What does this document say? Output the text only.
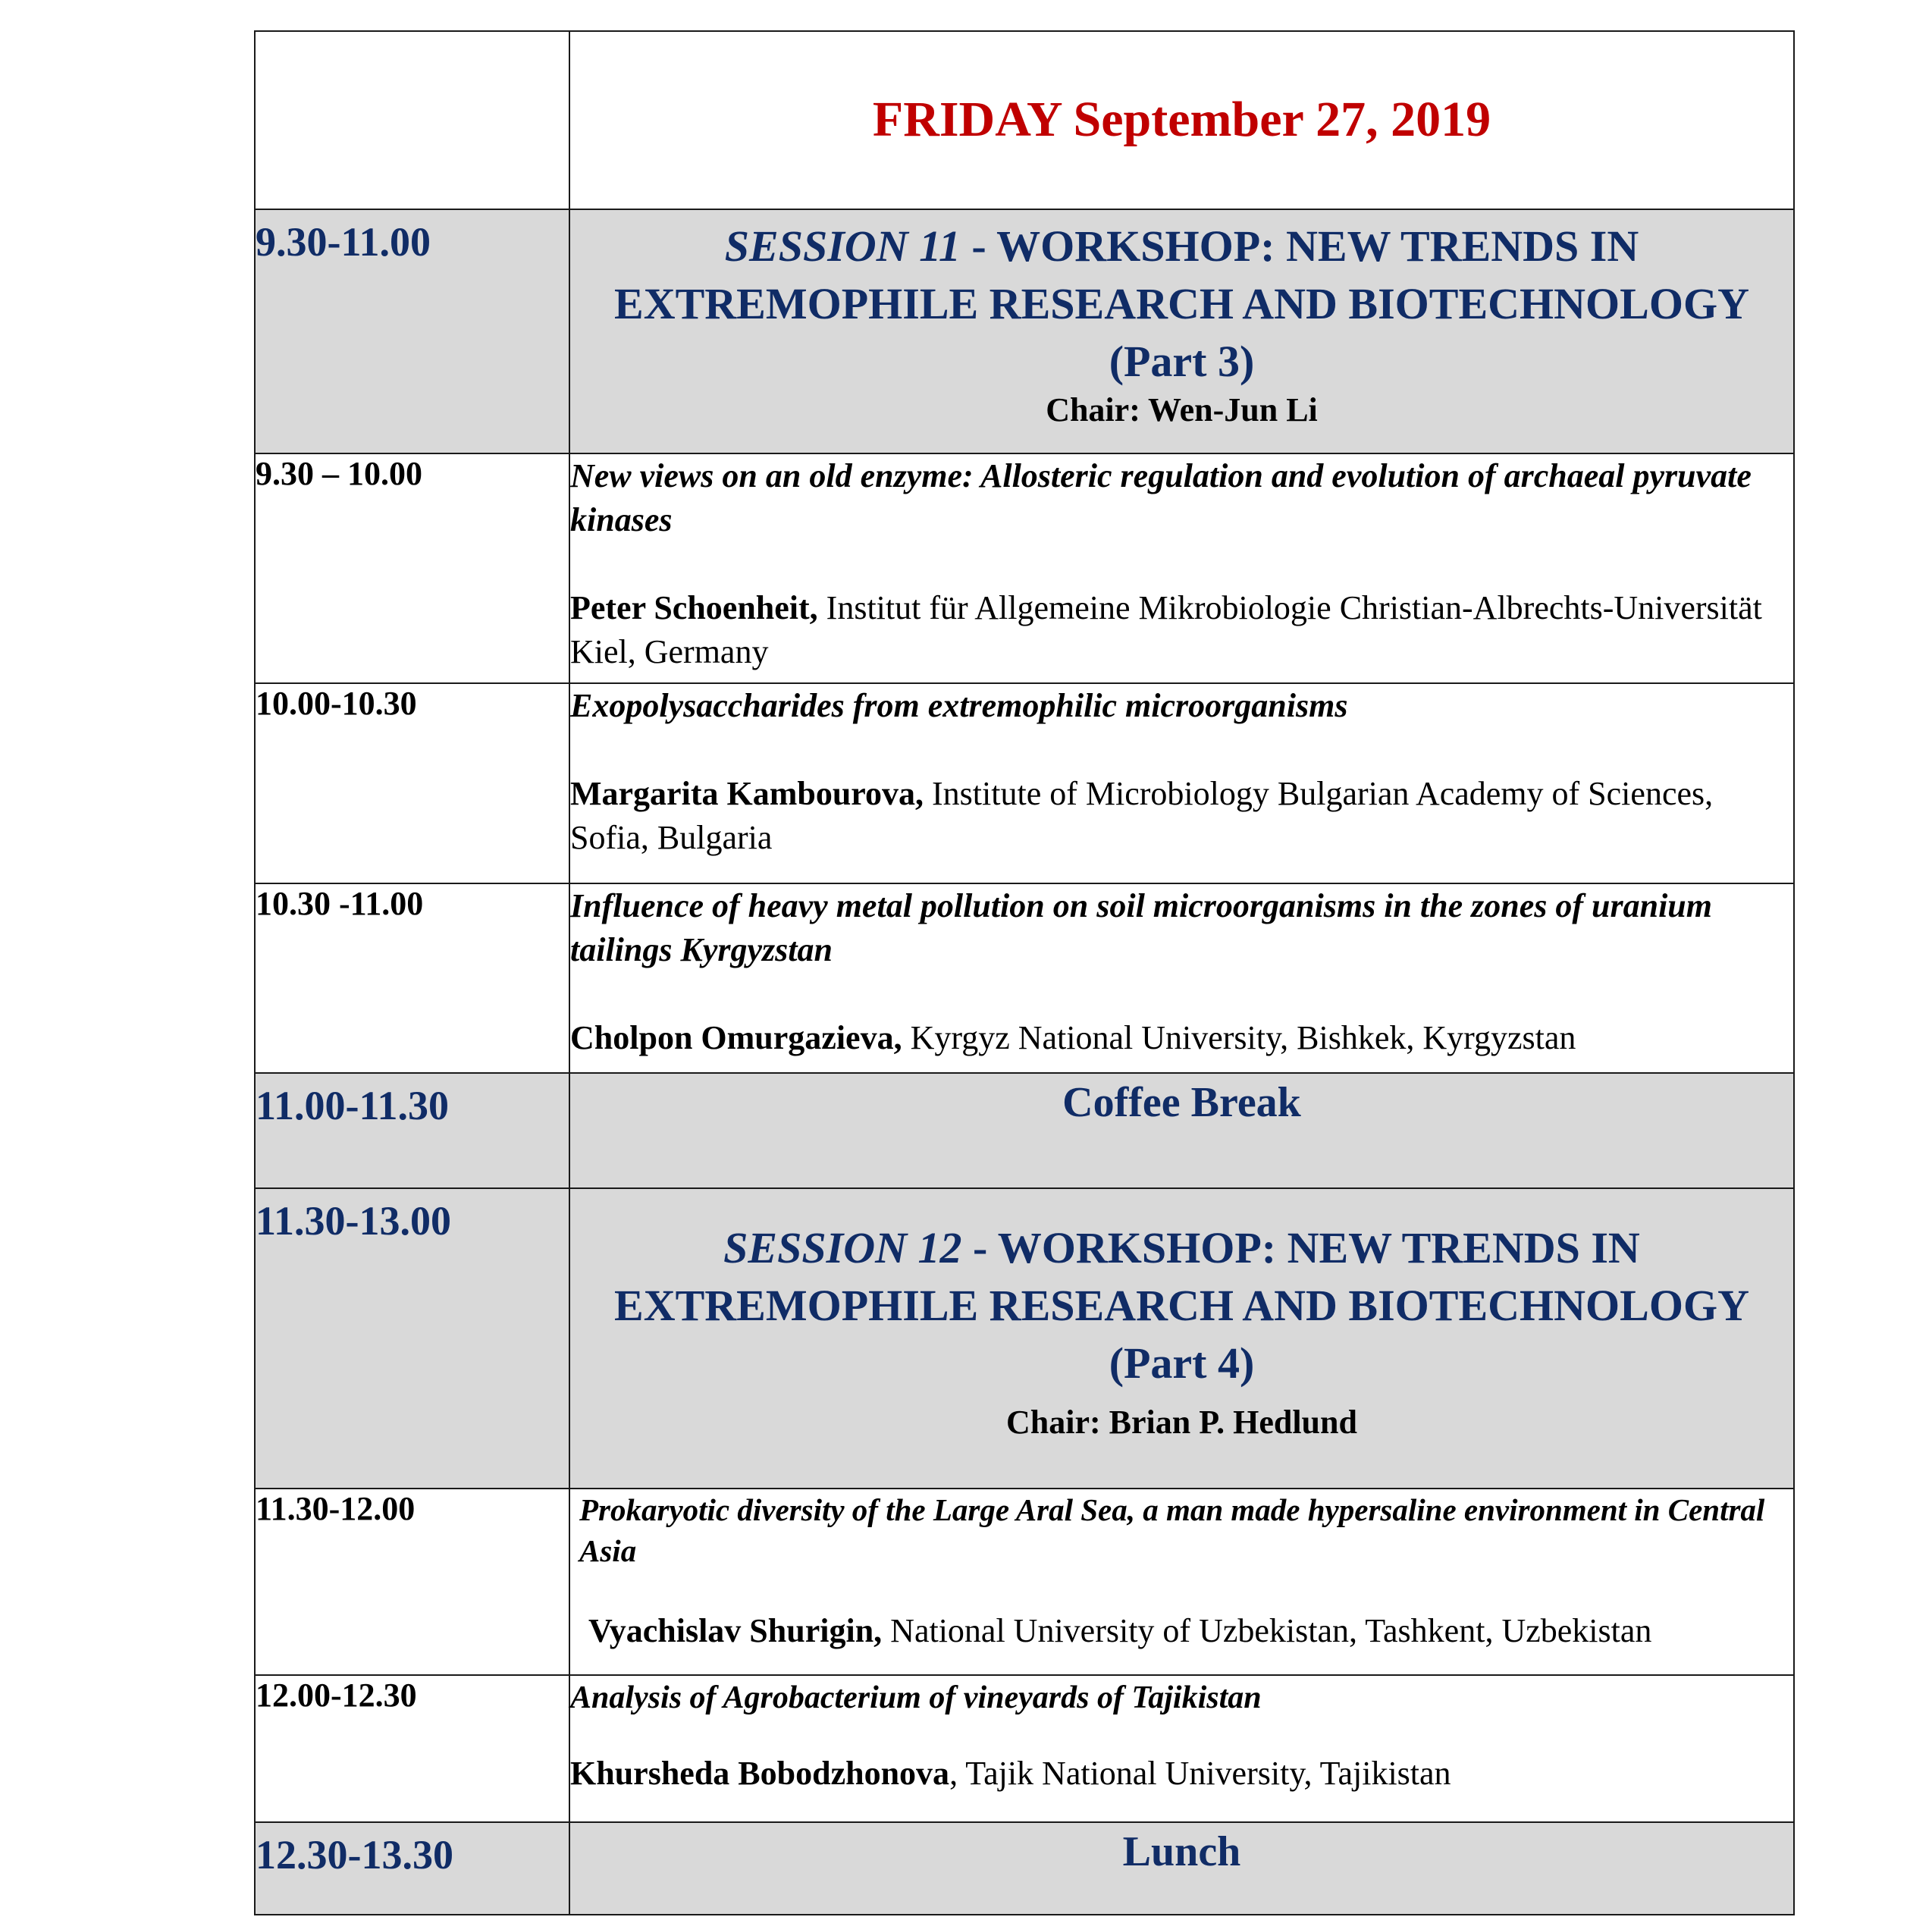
	FRIDAY September 27, 2019

9.30-11.00	SESSION 11 - WORKSHOP: NEW TRENDS IN
EXTREMOPHILE RESEARCH AND BIOTECHNOLOGY
(Part 3)
Chair: Wen-Jun Li

9.30 – 10.00	New views on an old enzyme: Allosteric regulation and evolution of archaeal pyruvate kinases
Peter Schoenheit, Institut für Allgemeine Mikrobiologie Christian-Albrechts-Universität Kiel, Germany

10.00-10.30	Exopolysaccharides from extremophilic microorganisms
Margarita Kambourova, Institute of Microbiology Bulgarian Academy of Sciences, Sofia, Bulgaria

10.30 -11.00	Influence of heavy metal pollution on soil microorganisms in the zones of uranium tailings Kyrgyzstan
Cholpon Omurgazieva, Kyrgyz National University, Bishkek, Kyrgyzstan

11.00-11.30	Coffee Break

11.30-13.00	SESSION 12 - WORKSHOP: NEW TRENDS IN
EXTREMOPHILE RESEARCH AND BIOTECHNOLOGY
(Part 4)
Chair: Brian P. Hedlund

11.30-12.00	Prokaryotic diversity of the Large Aral Sea, a man made hypersaline environment in Central Asia
Vyachislav Shurigin, National University of Uzbekistan, Tashkent, Uzbekistan

12.00-12.30	Analysis of Agrobacterium of vineyards of Tajikistan
Khursheda Bobodzhonova, Tajik National University, Tajikistan

12.30-13.30	Lunch
